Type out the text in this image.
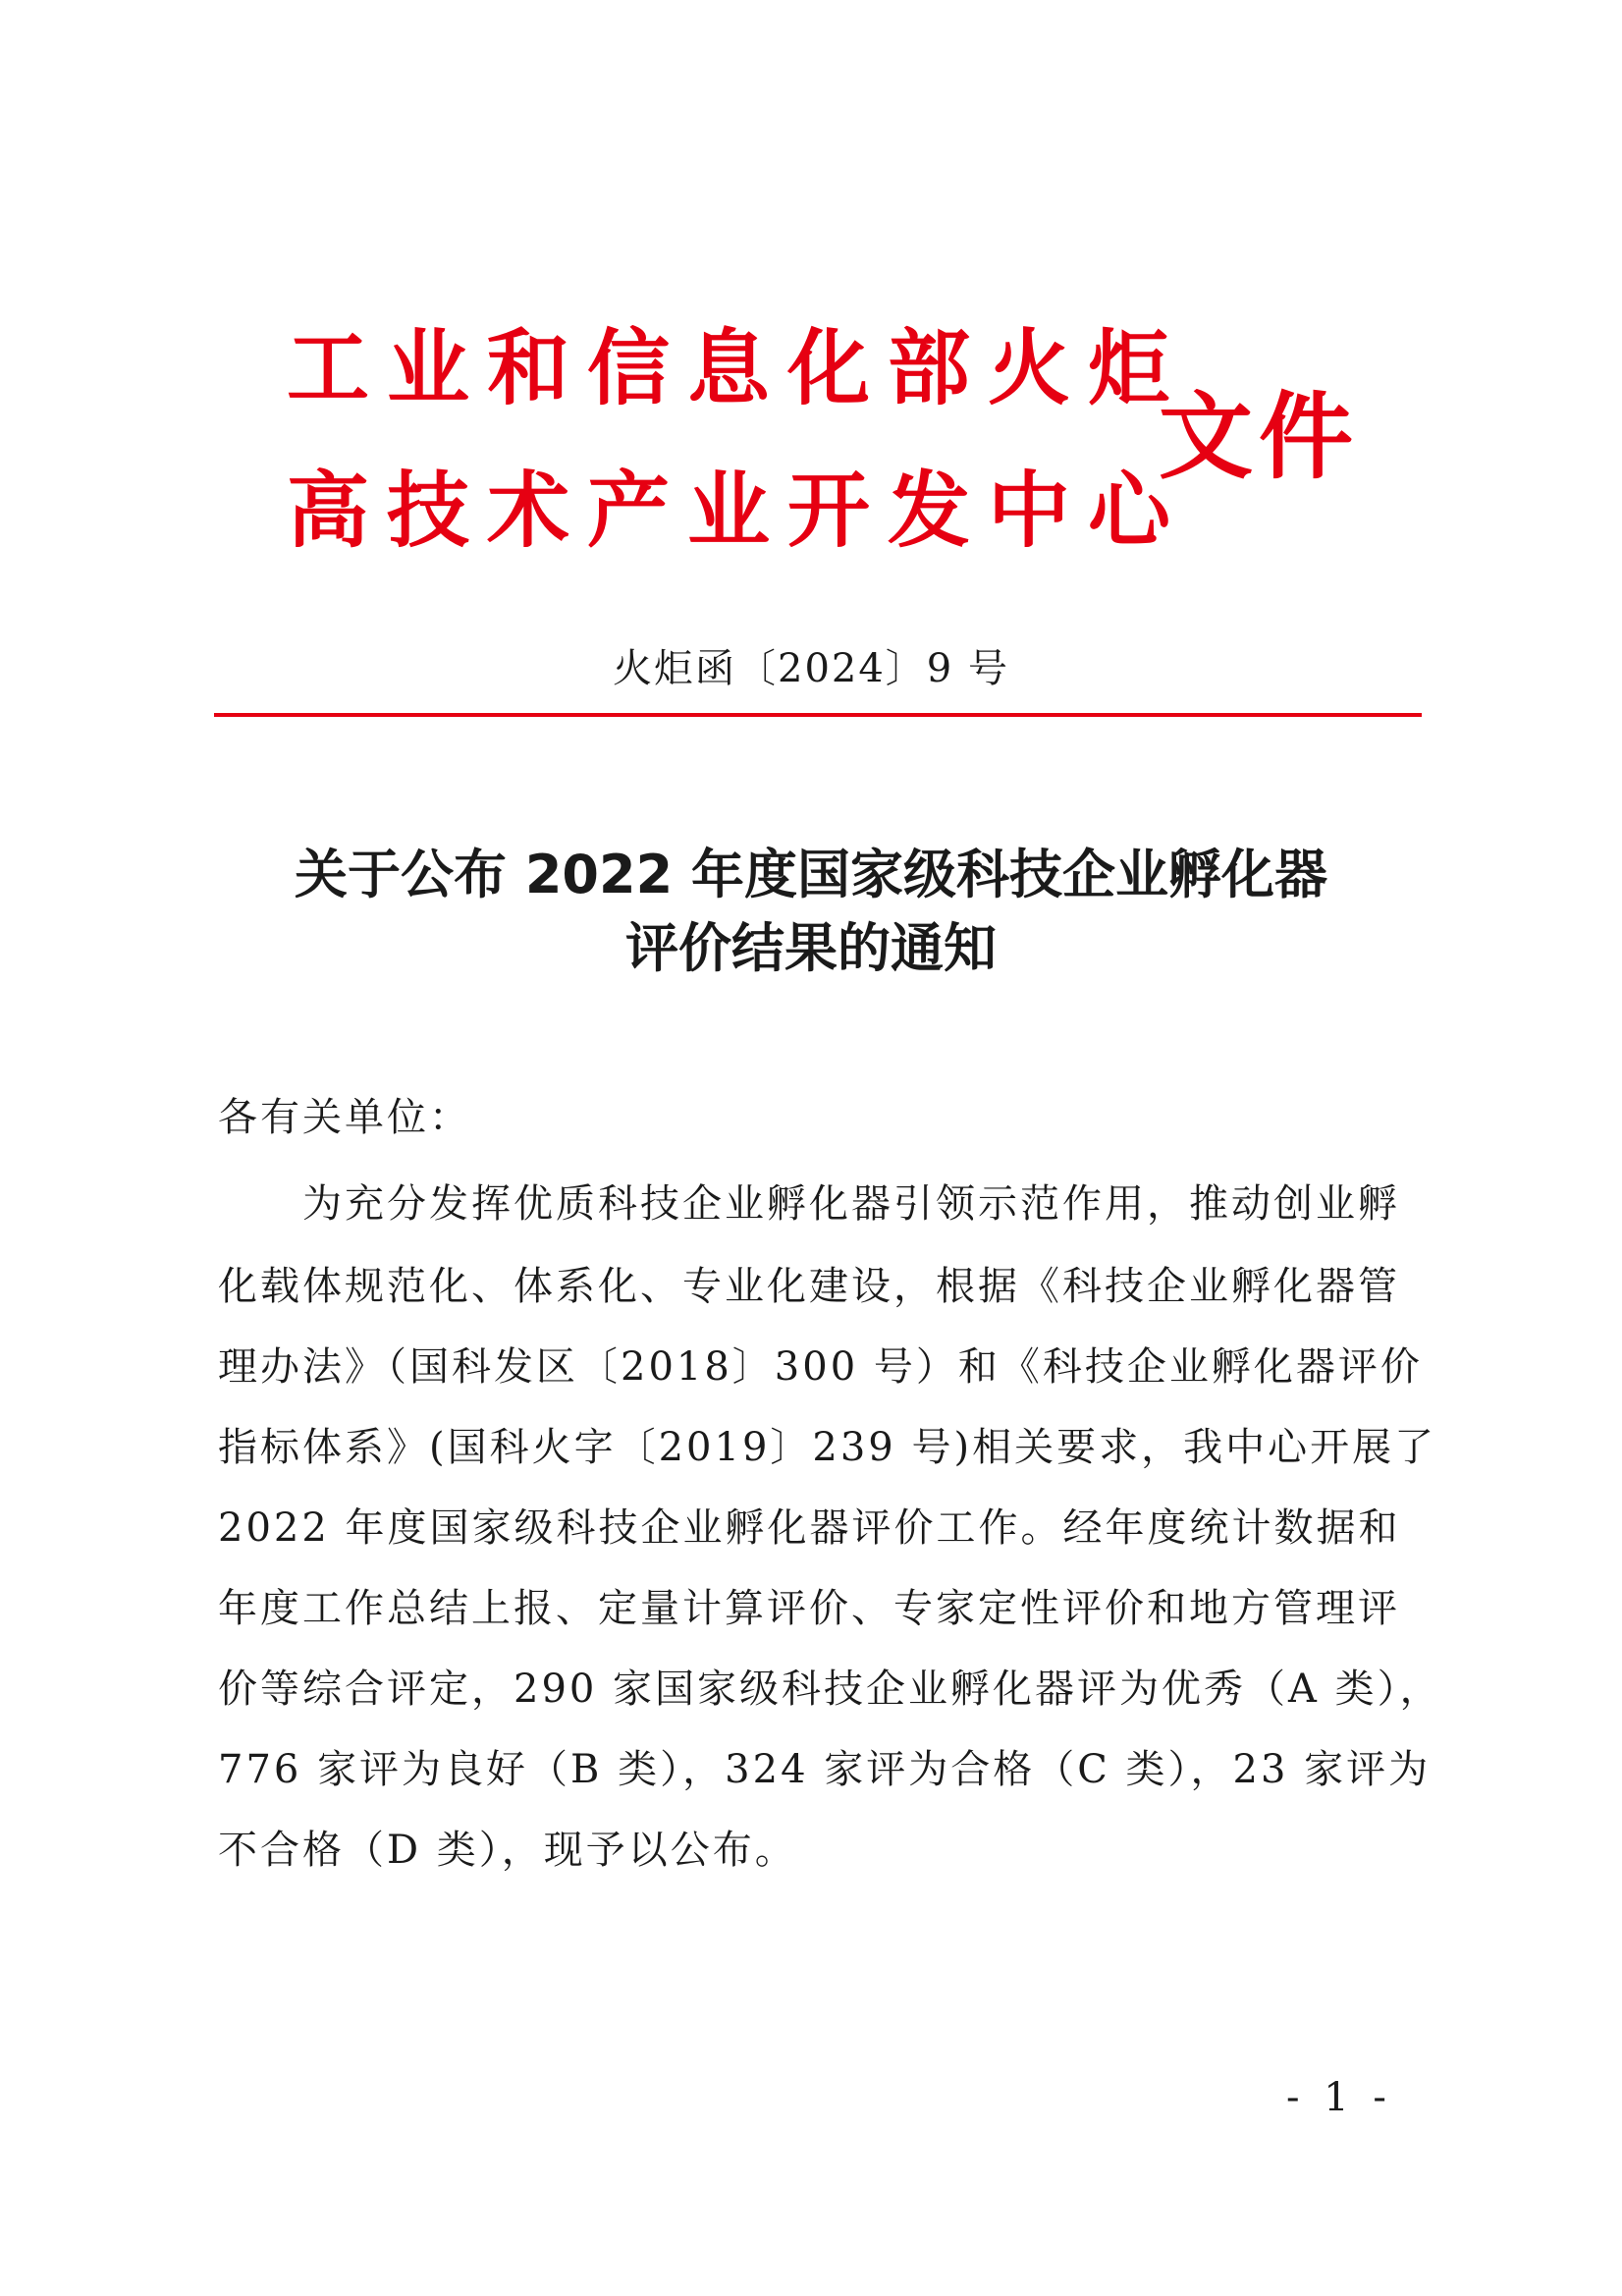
工业和信息化部火炬
高技术产业开发中心
文件
火炬函〔2024〕9 号
关于公布 2022 年度国家级科技企业孵化器
评价结果的通知
各有关单位：
为充分发挥优质科技企业孵化器引领示范作用，推动创业孵
化载体规范化、体系化、专业化建设，根据《科技企业孵化器管
理办法》（国科发区〔2018〕300 号）和《科技企业孵化器评价
指标体系》(国科火字〔2019〕239 号)相关要求，我中心开展了
2022 年度国家级科技企业孵化器评价工作。经年度统计数据和
年度工作总结上报、定量计算评价、专家定性评价和地方管理评
价等综合评定，290 家国家级科技企业孵化器评为优秀（A 类），
776 家评为良好（B 类），324 家评为合格（C 类），23 家评为
不合格（D 类），现予以公布。
- 1 -
